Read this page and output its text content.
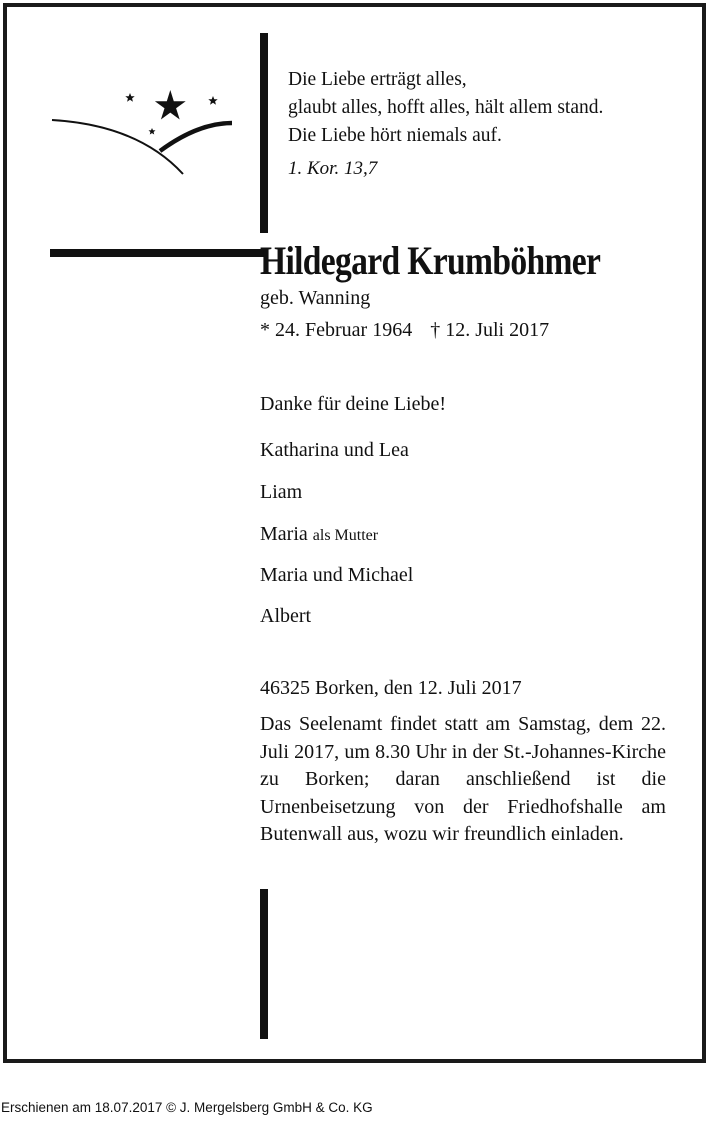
Die Liebe erträgt alles,
glaubt alles, hofft alles, hält allem stand.
Die Liebe hört niemals auf.
1. Kor. 13,7
Hildegard Krumböhmer
geb. Wanning
* 24. Februar 1964 † 12. Juli 2017
Danke für deine Liebe!
Katharina und Lea
Liam
Maria als Mutter
Maria und Michael
Albert
46325 Borken, den 12. Juli 2017
Das Seelenamt findet statt am Samstag, dem 22. Juli 2017, um 8.30 Uhr in der St.-Johannes-Kirche zu Borken; daran anschließend ist die Urnenbeisetzung von der Friedhofshalle am Butenwall aus, wozu wir freundlich einladen.
Erschienen am 18.07.2017 © J. Mergelsberg GmbH & Co. KG
